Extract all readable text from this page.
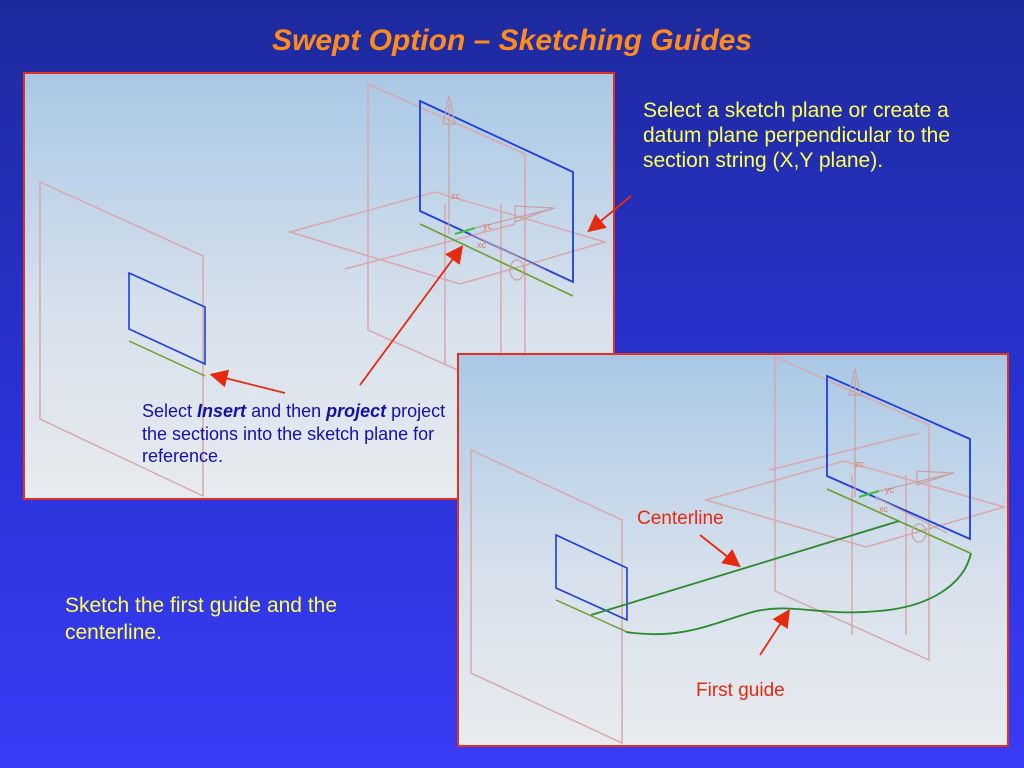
Swept Option – Sketching Guides
zc
yc
xc
zc
yc
xc
Select a sketch plane or create a datum plane perpendicular to the section string (X,Y plane).
Select Insert and then project project the sections into the sketch plane for reference.
Sketch the first guide and the centerline.
Centerline
First guide
